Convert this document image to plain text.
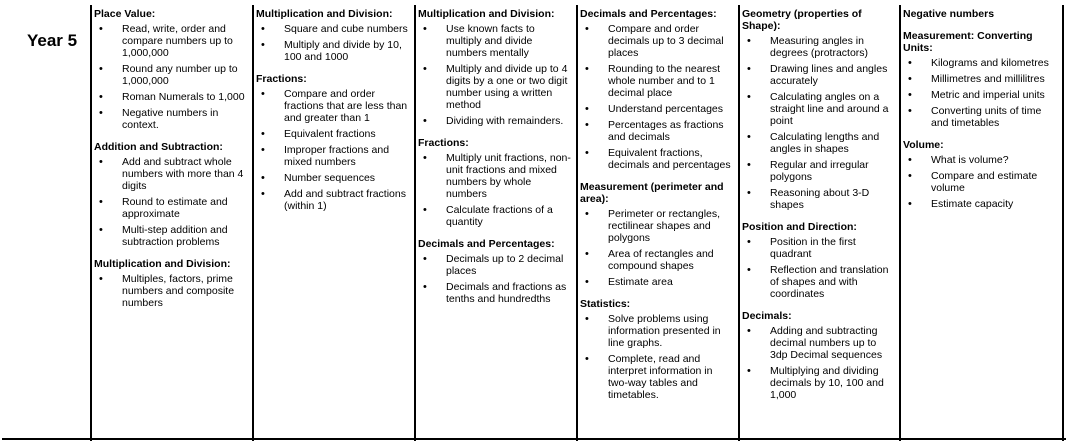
Year 5
Place Value:
• Read, write, order and compare numbers up to 1,000,000
• Round any number up to 1,000,000
• Roman Numerals to 1,000
• Negative numbers in context.
Addition and Subtraction:
• Add and subtract whole numbers with more than 4 digits
• Round to estimate and approximate
• Multi-step addition and subtraction problems
Multiplication and Division:
• Multiples, factors, prime numbers and composite numbers
Multiplication and Division:
• Square and cube numbers
• Multiply and divide by 10, 100 and 1000
Fractions:
• Compare and order fractions that are less than and greater than 1
• Equivalent fractions
• Improper fractions and mixed numbers
• Number sequences
• Add and subtract fractions (within 1)
Multiplication and Division:
• Use known facts to multiply and divide numbers mentally
• Multiply and divide up to 4 digits by a one or two digit number using a written method
• Dividing with remainders.
Fractions:
• Multiply unit fractions, non-unit fractions and mixed numbers by whole numbers
• Calculate fractions of a quantity
Decimals and Percentages:
• Decimals up to 2 decimal places
• Decimals and fractions as tenths and hundredths
Decimals and Percentages:
• Compare and order decimals up to 3 decimal places
• Rounding to the nearest whole number and to 1 decimal place
• Understand percentages
• Percentages as fractions and decimals
• Equivalent fractions, decimals and percentages
Measurement (perimeter and area):
• Perimeter or rectangles, rectilinear shapes and polygons
• Area of rectangles and compound shapes
• Estimate area
Statistics:
• Solve problems using information presented in line graphs.
• Complete, read and interpret information in two-way tables and timetables.
Geometry (properties of Shape):
• Measuring angles in degrees (protractors)
• Drawing lines and angles accurately
• Calculating angles on a straight line and around a point
• Calculating lengths and angles in shapes
• Regular and irregular polygons
• Reasoning about 3-D shapes
Position and Direction:
• Position in the first quadrant
• Reflection and translation of shapes and with coordinates
Decimals:
• Adding and subtracting decimal numbers up to 3dp Decimal sequences
• Multiplying and dividing decimals by 10, 100 and 1,000
Negative numbers
Measurement: Converting Units:
• Kilograms and kilometres
• Millimetres and millilitres
• Metric and imperial units
• Converting units of time and timetables
Volume:
• What is volume?
• Compare and estimate volume
• Estimate capacity
